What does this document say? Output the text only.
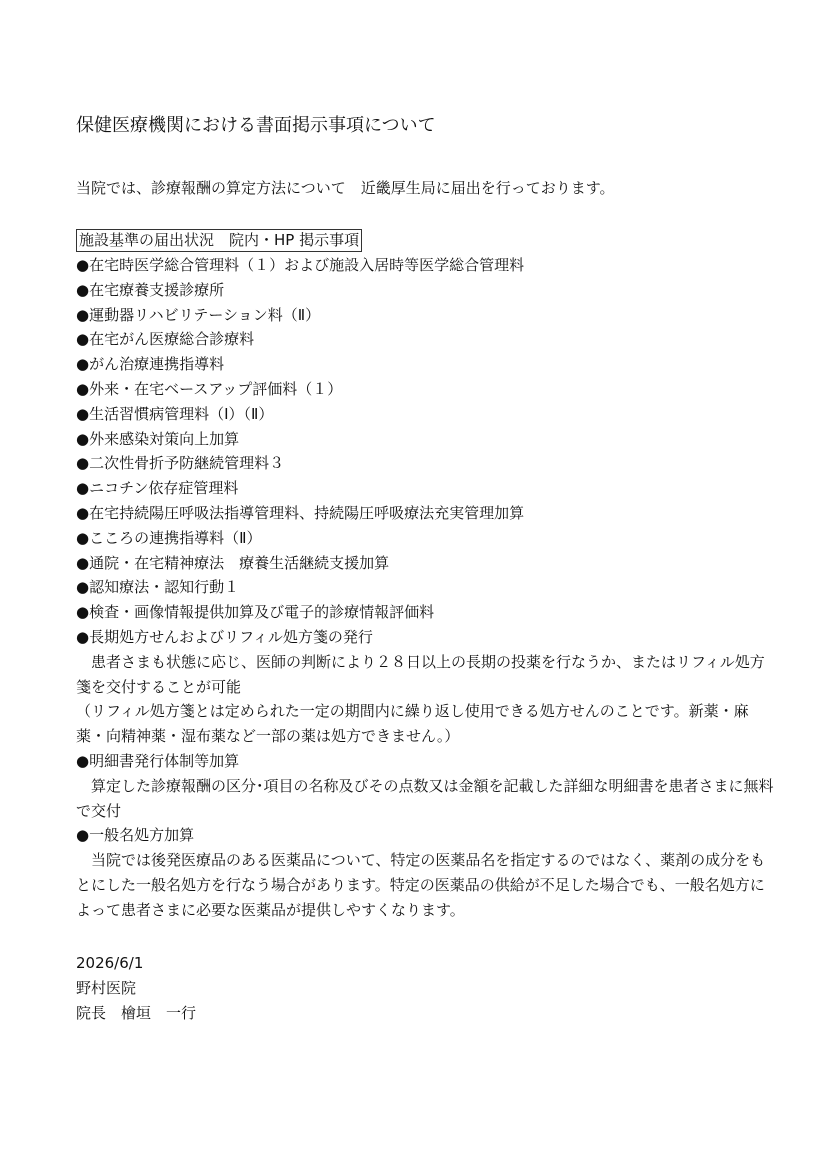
保健医療機関における書面掲示事項について
当院では、診療報酬の算定方法について　近畿厚生局に届出を行っております。
施設基準の届出状況　院内・HP 掲示事項
●在宅時医学総合管理料（１）および施設入居時等医学総合管理料
●在宅療養支援診療所
●運動器リハビリテーション料（Ⅱ）
●在宅がん医療総合診療料
●がん治療連携指導料
●外来・在宅ベースアップ評価料（１）
●生活習慣病管理料（Ⅰ）（Ⅱ）
●外来感染対策向上加算
●二次性骨折予防継続管理料３
●ニコチン依存症管理料
●在宅持続陽圧呼吸法指導管理料、持続陽圧呼吸療法充実管理加算
●こころの連携指導料（Ⅱ）
●通院・在宅精神療法　療養生活継続支援加算
●認知療法・認知行動１
●検査・画像情報提供加算及び電子的診療情報評価料
●長期処方せんおよびリフィル処方箋の発行
患者さまも状態に応じ、医師の判断により２８日以上の長期の投薬を行なうか、またはリフィル処方箋を交付することが可能
（リフィル処方箋とは定められた一定の期間内に繰り返し使用できる処方せんのことです。新薬・麻薬・向精神薬・湿布薬など一部の薬は処方できません。）
●明細書発行体制等加算
算定した診療報酬の区分･項目の名称及びその点数又は金額を記載した詳細な明細書を患者さまに無料で交付
●一般名処方加算
当院では後発医療品のある医薬品について、特定の医薬品名を指定するのではなく、薬剤の成分をもとにした一般名処方を行なう場合があります。特定の医薬品の供給が不足した場合でも、一般名処方によって患者さまに必要な医薬品が提供しやすくなります。
2026/6/1
野村医院
院長　檜垣　一行
